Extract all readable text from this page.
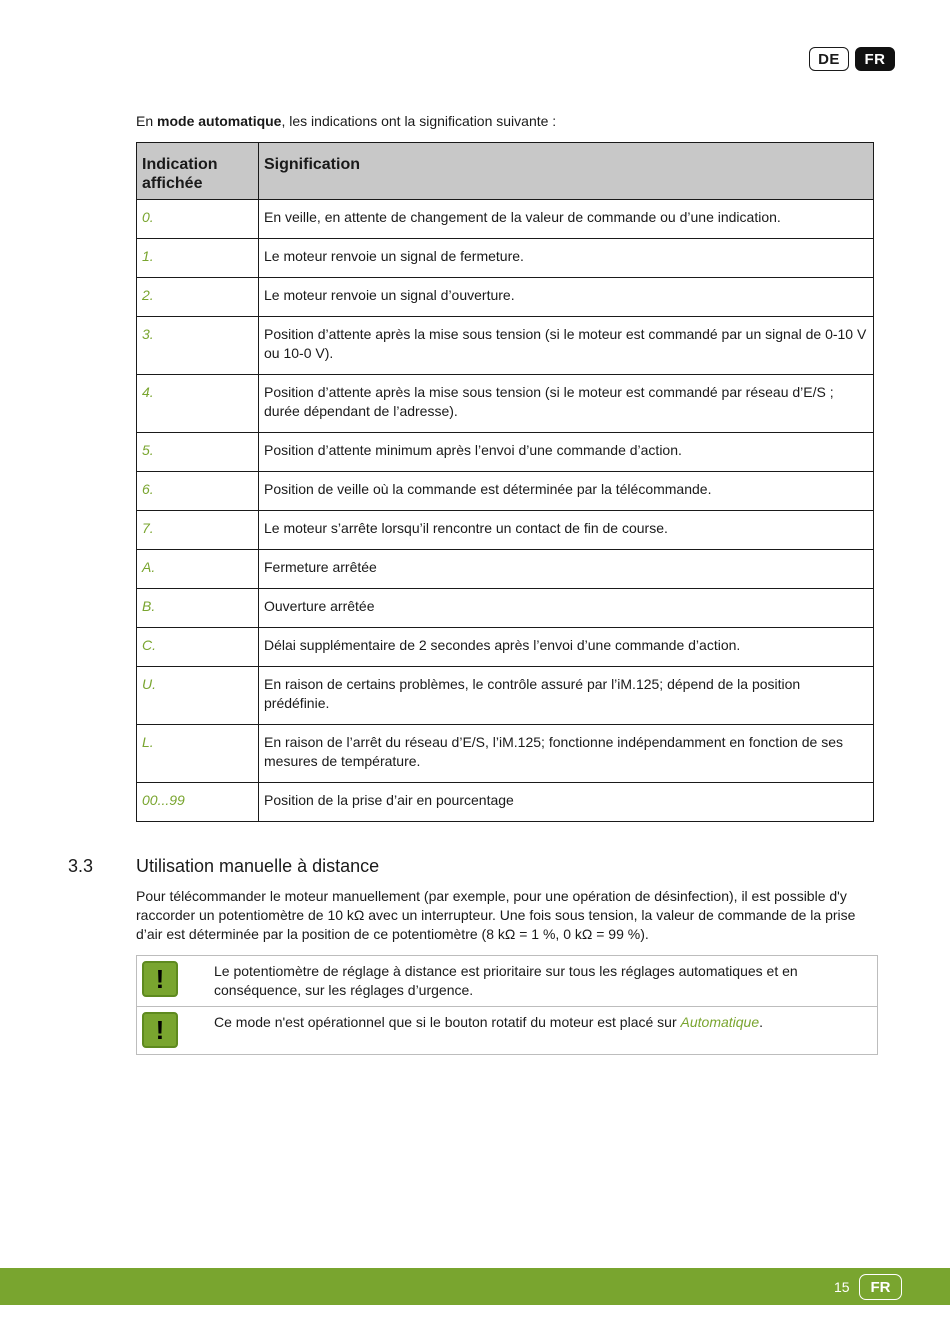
DE	FR
En mode automatique, les indications ont la signification suivante :
Indication affichée	Signification
0.	En veille, en attente de changement de la valeur de commande ou d’une indication.
1.	Le moteur renvoie un signal de fermeture.
2.	Le moteur renvoie un signal d’ouverture.
3.	Position d’attente après la mise sous tension (si le moteur est commandé par un signal de 0-10 V ou 10-0 V).
4.	Position d’attente après la mise sous tension (si le moteur est commandé par réseau d’E/S ; durée dépendant de l’adresse).
5.	Position d’attente minimum après l’envoi d’une commande d’action.
6.	Position de veille où la commande est déterminée par la télécommande.
7.	Le moteur s’arrête lorsqu’il rencontre un contact de fin de course.
A.	Fermeture arrêtée
B.	Ouverture arrêtée
C.	Délai supplémentaire de 2 secondes après l’envoi d’une commande d’action.
U.	En raison de certains problèmes, le contrôle assuré par l’iM.125; dépend de la position prédéfinie.
L.	En raison de l’arrêt du réseau d’E/S, l’iM.125; fonctionne indépendamment en fonction de ses mesures de température.
00...99	Position de la prise d’air en pourcentage
3.3 Utilisation manuelle à distance
Pour télécommander le moteur manuellement (par exemple, pour une opération de désinfection), il est possible d'y raccorder un potentiomètre de 10 kΩ avec un interrupteur. Une fois sous tension, la valeur de commande de la prise d’air est déterminée par la position de ce potentiomètre (8 kΩ = 1 %, 0 kΩ = 99 %).
!	Le potentiomètre de réglage à distance est prioritaire sur tous les réglages automatiques et en conséquence, sur les réglages d’urgence.
!	Ce mode n'est opérationnel que si le bouton rotatif du moteur est placé sur Automatique.
15	FR
